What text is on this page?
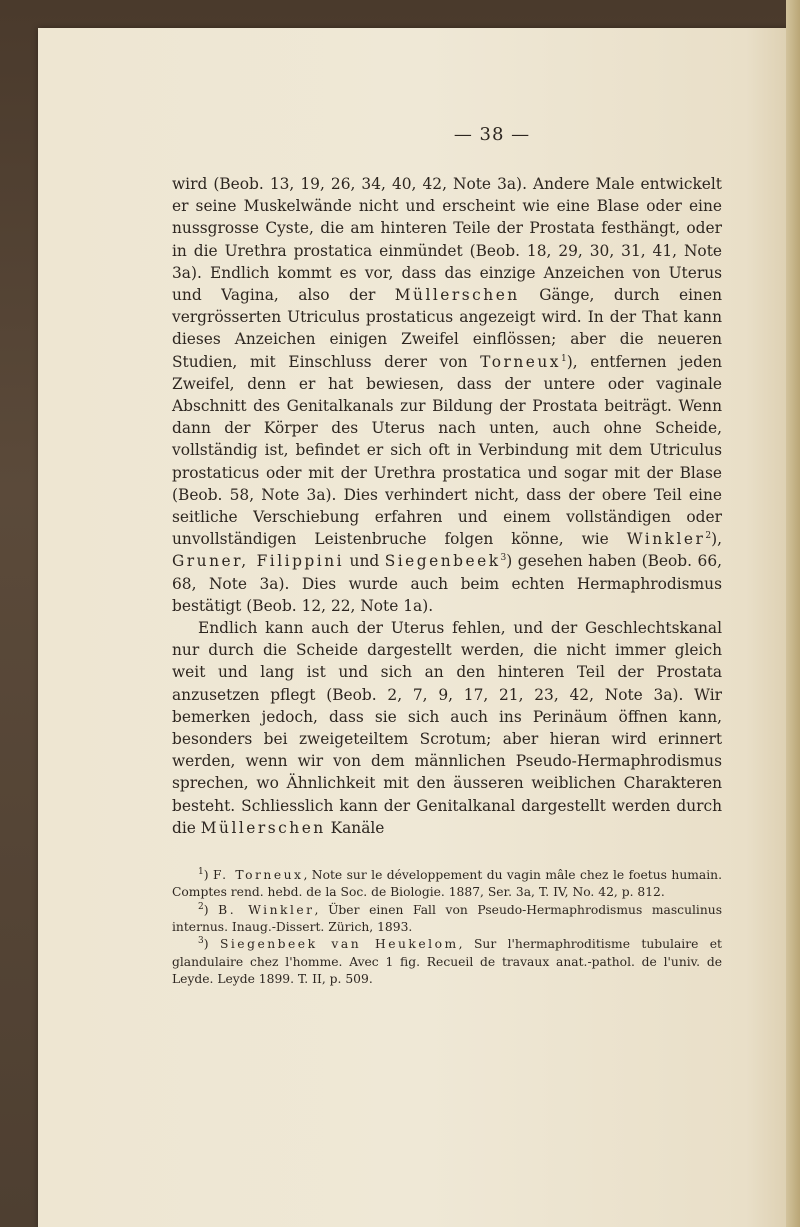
— 38 —

wird (Beob. 13, 19, 26, 34, 40, 42, Note 3a). Andere Male entwickelt er seine Muskelwände nicht und erscheint wie eine Blase oder eine nussgrosse Cyste, die am hinteren Teile der Prostata festhängt, oder in die Urethra prostatica einmündet (Beob. 18, 29, 30, 31, 41, Note 3a). Endlich kommt es vor, dass das einzige Anzeichen von Uterus und Vagina, also der Müllerschen Gänge, durch einen vergrösserten Utriculus prostaticus angezeigt wird. In der That kann dieses Anzeichen einigen Zweifel einflössen; aber die neueren Studien, mit Einschluss derer von Torneux$^1$), entfernen jeden Zweifel, denn er hat bewiesen, dass der untere oder vaginale Abschnitt des Genitalkanals zur Bildung der Prostata beiträgt. Wenn dann der Körper des Uterus nach unten, auch ohne Scheide, vollständig ist, befindet er sich oft in Verbindung mit dem Utriculus prostaticus oder mit der Urethra prostatica und sogar mit der Blase (Beob. 58, Note 3a). Dies verhindert nicht, dass der obere Teil eine seitliche Verschiebung erfahren und einem vollständigen oder unvollständigen Leistenbruche folgen könne, wie Winkler$^2$), Gruner, Filippini und Siegenbeek$^3$) gesehen haben (Beob. 66, 68, Note 3a). Dies wurde auch beim echten Hermaphrodismus bestätigt (Beob. 12, 22, Note 1a).

Endlich kann auch der Uterus fehlen, und der Geschlechtskanal nur durch die Scheide dargestellt werden, die nicht immer gleich weit und lang ist und sich an den hinteren Teil der Prostata anzusetzen pflegt (Beob. 2, 7, 9, 17, 21, 23, 42, Note 3a). Wir bemerken jedoch, dass sie sich auch ins Perinäum öffnen kann, besonders bei zweigeteiltem Scrotum; aber hieran wird erinnert werden, wenn wir von dem männlichen Pseudo-Hermaphrodismus sprechen, wo Ähnlichkeit mit den äusseren weiblichen Charakteren besteht. Schliesslich kann der Genitalkanal dargestellt werden durch die Müllerschen Kanäle

$^1$) F. Torneux, Note sur le développement du vagin mâle chez le foetus humain. Comptes rend. hebd. de la Soc. de Biologie. 1887, Ser. 3a, T. IV, No. 42, p. 812.

$^2$) B. Winkler, Über einen Fall von Pseudo-Hermaphrodismus masculinus internus. Inaug.-Dissert. Zürich, 1893.

$^3$) Siegenbeek van Heukelom, Sur l'hermaphroditisme tubulaire et glandulaire chez l'homme. Avec 1 fig. Recueil de travaux anat.-pathol. de l'univ. de Leyde. Leyde 1899. T. II, p. 509.
